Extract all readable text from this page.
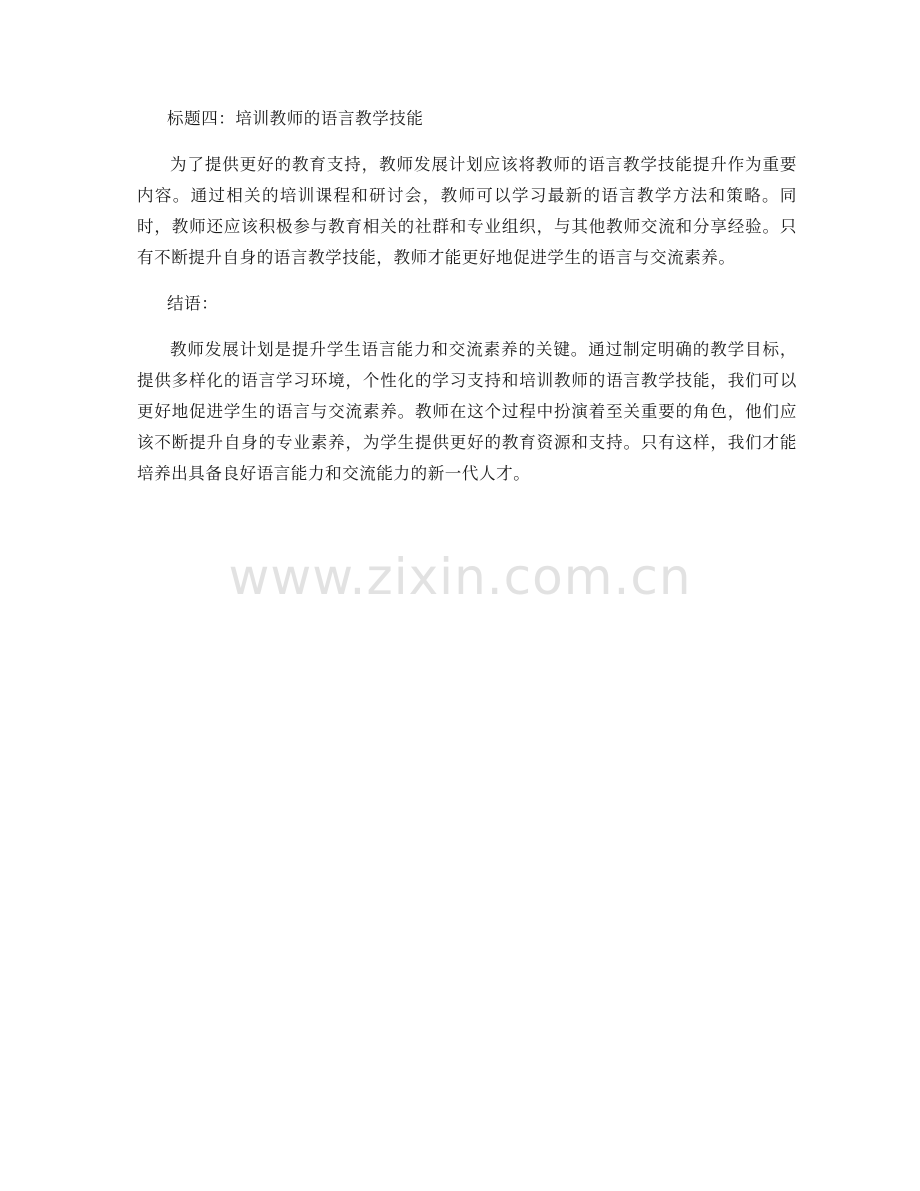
标题四：培训教师的语言教学技能

为了提供更好的教育支持，教师发展计划应该将教师的语言教学技能提升作为重要内容。通过相关的培训课程和研讨会，教师可以学习最新的语言教学方法和策略。同时，教师还应该积极参与教育相关的社群和专业组织，与其他教师交流和分享经验。只有不断提升自身的语言教学技能，教师才能更好地促进学生的语言与交流素养。

结语：

教师发展计划是提升学生语言能力和交流素养的关键。通过制定明确的教学目标，提供多样化的语言学习环境，个性化的学习支持和培训教师的语言教学技能，我们可以更好地促进学生的语言与交流素养。教师在这个过程中扮演着至关重要的角色，他们应该不断提升自身的专业素养，为学生提供更好的教育资源和支持。只有这样，我们才能培养出具备良好语言能力和交流能力的新一代人才。

www.zixin.com.cn
